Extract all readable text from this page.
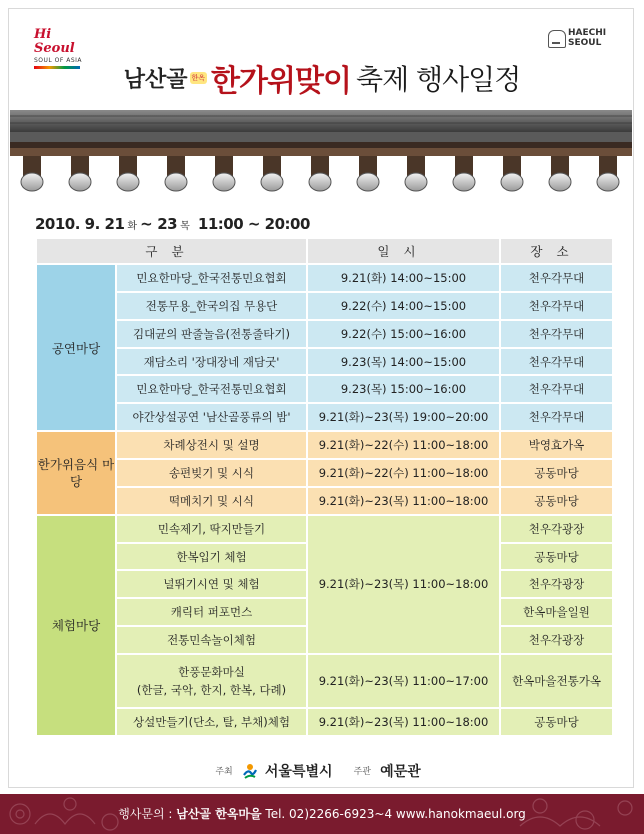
Hi Seoul
SOUL OF ASIA
HAECHI
SEOUL
남산골 한옥 한가위맞이 축제 행사일정
2010. 9. 21 화 ~ 23 목 11:00 ~ 20:00
구분		일시	장소
공연마당	민요한마당_한국전통민요협회	9.21(화) 14:00~15:00	천우각무대
	전통무용_한국의집 무용단	9.22(수) 14:00~15:00	천우각무대
	김대균의 판줄놀음(전통줄타기)	9.22(수) 15:00~16:00	천우각무대
	재담소리 '장대장네 재담굿'	9.23(목) 14:00~15:00	천우각무대
	민요한마당_한국전통민요협회	9.23(목) 15:00~16:00	천우각무대
	야간상설공연 '남산골풍류의 밤'	9.21(화)~23(목) 19:00~20:00	천우각무대
한가위음식 마당	차례상전시 및 설명	9.21(화)~22(수) 11:00~18:00	박영효가옥
	송편빚기 및 시식	9.21(화)~22(수) 11:00~18:00	공동마당
	떡메치기 및 시식	9.21(화)~23(목) 11:00~18:00	공동마당
체험마당	민속제기, 딱지만들기	9.21(화)~23(목) 11:00~18:00	천우각광장
	한복입기 체험		공동마당
	널뛰기시연 및 체험		천우각광장
	캐릭터 퍼포먼스		한옥마을일원
	전통민속놀이체험		천우각광장

	한풍문화마실
(한글, 국악, 한지, 한복, 다례)	9.21(화)~23(목) 11:00~17:00	한옥마을전통가옥
	상설만들기(단소, 탈, 부채)체험	9.21(화)~23(목) 11:00~18:00	공동마당
주최 서울특별시 주관 예문관
행사문의 : 남산골 한옥마을 Tel. 02)2266-6923~4 www.hanokmaeul.org
